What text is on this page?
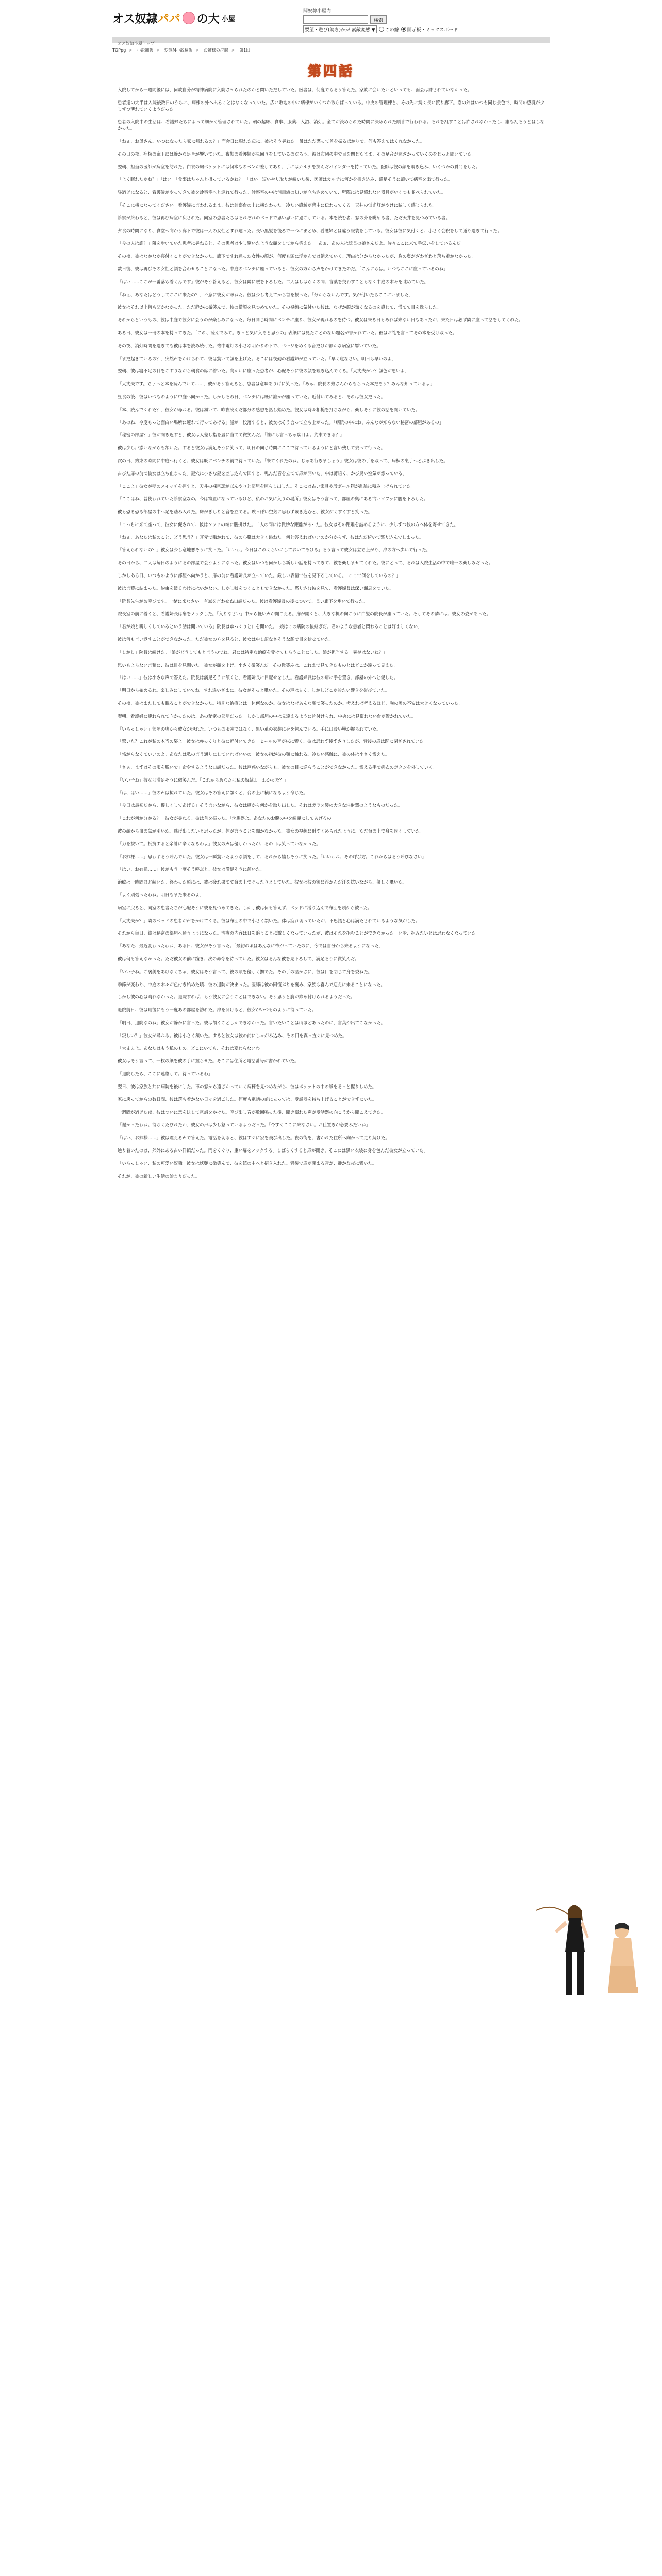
オス奴隷 パパ の大 小屋
聞奴隷小屋内
検索
要望・遊び(続き)かが 素敵変態 ▼	この線 開示板・ミックスボード
オス奴隷小屋トップ
TOPpg > 小説翻訳 > 変態M小説翻訳 > お姉様の浣腸 > 第1回
第四話

入院してから一週間後には、何故自分が精神病院に入院させられたのかと問いただしていた。医者は、何度でもそう答えた。家族に会いたいといっても、面会は許されていなかった。

患者達の大半は入院後数日のうちに、病棟の外へ出ることはなくなっていた。広い敷地の中に病棟がいくつか散らばっている。中央の管理棟と、その先に続く長い渡り廊下。窓の外はいつも同じ景色で、時間の感覚が少しずつ薄れていくようだった。

患者の入院中の生活は、看護婦たちによって細かく管理されていた。朝の起床、食事、服薬、入浴、消灯。全てが決められた時間に決められた順番で行われる。それを乱すことは許されなかったし、誰も乱そうとはしなかった。

「ねぇ、お母さん。いつになったら家に帰れるの？」面会日に現れた母に、彼はそう尋ねた。母はただ黙って首を振るばかりで、何も答えてはくれなかった。

その日の夜、病棟の廊下には静かな足音が響いていた。夜勤の看護婦が見回りをしているのだろう。彼は布団の中で目を閉じたまま、その足音が遠ざかっていくのをじっと聞いていた。

翌朝、担当の医師が病室を訪れた。白衣の胸ポケットには何本ものペンが差してあり、手にはカルテを挟んだバインダーを持っていた。医師は彼の顔を覗き込み、いくつかの質問をした。

「よく眠れたかね？」「はい」「食事はちゃんと摂っているかね？」「はい」短いやり取りが続いた後、医師はカルテに何かを書き込み、満足そうに頷いて病室を出て行った。

昼過ぎになると、看護婦がやってきて彼を診察室へと連れて行った。診察室の中は消毒液の匂いが立ち込めていて、壁際には見慣れない器具がいくつも並べられていた。

「そこに横になってください」看護婦に言われるまま、彼は診察台の上に横たわった。冷たい感触が背中に伝わってくる。天井の蛍光灯がやけに眩しく感じられた。

診察が終わると、彼は再び病室に戻された。同室の患者たちはそれぞれのベッドで思い思いに過ごしている。本を読む者、窓の外を眺める者、ただ天井を見つめている者。

夕食の時間になり、食堂へ向かう廊下で彼は一人の女性とすれ違った。長い黒髪を後ろで一つにまとめ、看護婦とは違う服装をしている。彼女は彼に気付くと、小さく会釈をして通り過ぎて行った。

「今の人は誰？」隣を歩いていた患者に尋ねると、その患者は少し驚いたような顔をしてから答えた。「あぁ、あの人は院長の娘さんだよ。時々ここに来て手伝いをしているんだ」

その夜、彼はなかなか寝付くことができなかった。廊下ですれ違った女性の顔が、何度も頭に浮かんでは消えていく。理由は分からなかったが、胸の奥がざわざわと落ち着かなかった。

数日後、彼は再びその女性と顔を合わせることになった。中庭のベンチに座っていると、彼女の方から声をかけてきたのだ。「こんにちは。いつもここに座っているのね」

「はい……ここが一番落ち着くんです」彼がそう答えると、彼女は隣に腰を下ろした。二人はしばらくの間、言葉を交わすこともなく中庭の木々を眺めていた。

「ねぇ、あなたはどうしてここに来たの？」不意に彼女が尋ねた。彼は少し考えてから首を振った。「分からないんです。気が付いたらここにいました」

彼女はそれ以上何も聞かなかった。ただ静かに微笑んで、彼の横顔を見つめていた。その視線に気付いた彼は、なぜか顔が熱くなるのを感じて、慌てて目を逸らした。

それからというもの、彼は中庭で彼女に会うのが楽しみになった。毎日同じ時間にベンチに座り、彼女が現れるのを待つ。彼女は来る日もあれば来ない日もあったが、来た日は必ず隣に座って話をしてくれた。

ある日、彼女は一冊の本を持ってきた。「これ、読んでみて。きっと気に入ると思うの」表紙には見たことのない題名が書かれていた。彼はお礼を言ってその本を受け取った。

その夜、消灯時間を過ぎても彼は本を読み続けた。懐中電灯の小さな明かりの下で、ページをめくる音だけが静かな病室に響いていた。

「まだ起きているの？」突然声をかけられて、彼は驚いて顔を上げた。そこには夜勤の看護婦が立っていた。「早く寝なさい。明日も早いのよ」

翌朝、彼は寝不足の目をこすりながら朝食の席に着いた。向かいに座った患者が、心配そうに彼の顔を覗き込んでくる。「大丈夫かい？顔色が悪いよ」

「大丈夫です。ちょっと本を読んでいて……」彼がそう答えると、患者は意味ありげに笑った。「あぁ、院長の娘さんからもらった本だろう？みんな知っているよ」

昼食の後、彼はいつものように中庭へ向かった。しかしその日、ベンチには既に誰かが座っていた。近付いてみると、それは彼女だった。

「本、読んでくれた？」彼女が尋ねる。彼は頷いて、昨夜読んだ部分の感想を話し始めた。彼女は時々相槌を打ちながら、楽しそうに彼の話を聞いていた。

「あのね、今度もっと面白い場所に連れて行ってあげる」話が一段落すると、彼女はそう言って立ち上がった。「病院の中にね、みんなが知らない秘密の部屋があるの」

「秘密の部屋？」彼が聞き返すと、彼女は人差し指を唇に当てて微笑んだ。「誰にも言っちゃ駄目よ。約束できる？」

彼は少し戸惑いながらも頷いた。すると彼女は満足そうに笑って、明日の同じ時間にここで待っているようにと言い残して去って行った。

次の日、約束の時間に中庭へ行くと、彼女は既にベンチの前で待っていた。「来てくれたのね。じゃあ行きましょう」彼女は彼の手を取って、病棟の裏手へと歩き出した。

古びた扉の前で彼女は立ち止まった。鍵穴に小さな鍵を差し込んで回すと、軋んだ音を立てて扉が開いた。中は薄暗く、かび臭い空気が漂っている。

「ここよ」彼女が壁のスイッチを押すと、天井の裸電球がぼんやりと部屋を照らし出した。そこには古い家具や段ボール箱が乱雑に積み上げられていた。

「ここはね、昔使われていた診察室なの。今は物置になっているけど、私のお気に入りの場所」彼女はそう言って、部屋の奥にある古いソファに腰を下ろした。

彼も恐る恐る部屋の中へ足を踏み入れた。床がぎしりと音を立てる。埃っぽい空気に思わず咳き込むと、彼女がくすくすと笑った。

「こっちに来て座って」彼女に促されて、彼はソファの端に腰掛けた。二人の間には微妙な距離があった。彼女はその距離を詰めるように、少しずつ彼の方へ体を寄せてきた。

「ねぇ、あなたは私のこと、どう思う？」耳元で囁かれて、彼の心臓は大きく跳ねた。何と答えればいいのか分からず、彼はただ俯いて黙り込んでしまった。

「答えられないの？」彼女は少し意地悪そうに笑った。「いいわ。今日はこれくらいにしておいてあげる」そう言って彼女は立ち上がり、扉の方へ歩いて行った。

その日から、二人は毎日のようにその部屋で会うようになった。彼女はいつも何かしら新しい話を持ってきて、彼を楽しませてくれた。彼にとって、それは入院生活の中で唯一の楽しみだった。

しかしある日、いつものように部屋へ向かうと、扉の前に看護婦長が立っていた。厳しい表情で彼を見下ろしている。「ここで何をしているの？」

彼は言葉に詰まった。約束を破るわけにはいかない。しかし嘘をつくこともできなかった。黙り込む彼を見て、看護婦長は深い溜息をついた。

「院長先生がお呼びです。一緒に来なさい」有無を言わせぬ口調だった。彼は看護婦長の後について、長い廊下を歩いて行った。

院長室の前に着くと、看護婦長は扉をノックした。「入りなさい」中から低い声が聞こえる。扉が開くと、大きな机の向こうに白髪の院長が座っていた。そしてその隣には、彼女の姿があった。

「君が娘と親しくしているという話は聞いている」院長はゆっくりと口を開いた。「娘はこの病院の後継ぎだ。君のような患者と関わることは好ましくない」

彼は何も言い返すことができなかった。ただ彼女の方を見ると、彼女は申し訳なさそうな顔で目を伏せていた。

「しかし」院長は続けた。「娘がどうしてもと言うのでね。君には特別な治療を受けてもらうことにした。娘が担当する。異存はないね？」

思いもよらない言葉に、彼は目を見開いた。彼女が顔を上げ、小さく微笑んだ。その微笑みは、これまで見てきたものとはどこか違って見えた。

「はい……」彼は小さな声で答えた。院長は満足そうに頷くと、看護婦長に目配せをした。看護婦長は彼の肩に手を置き、部屋の外へと促した。

「明日から始めるわ。楽しみにしていてね」すれ違いざまに、彼女がそっと囁いた。その声は甘く、しかしどこか冷たい響きを帯びていた。

その夜、彼はまたしても眠ることができなかった。特別な治療とは一体何なのか。彼女はなぜあんな顔で笑ったのか。考えれば考えるほど、胸の奥の不安は大きくなっていった。

翌朝、看護婦に連れられて向かったのは、あの秘密の部屋だった。しかし部屋の中は見違えるように片付けられ、中央には見慣れない台が置かれていた。

「いらっしゃい」部屋の奥から彼女が現れた。いつもの服装ではなく、黒い革の衣装に身を包んでいる。手には長い鞭が握られていた。

「驚いた？これが私の本当の姿よ」彼女はゆっくりと彼に近付いてきた。ヒールの音が床に響く。彼は思わず後ずさりしたが、背後の扉は既に閉ざされていた。

「怖がらなくていいのよ。あなたは私の言う通りにしていればいいの」彼女の指が彼の顎に触れる。冷たい感触に、彼の体は小さく震えた。

「さぁ、まずはその服を脱いで」命令するような口調だった。彼は戸惑いながらも、彼女の目に逆らうことができなかった。震える手で病衣のボタンを外していく。

「いい子ね」彼女は満足そうに微笑んだ。「これからあなたは私の奴隷よ。わかった？」

「は、はい……」彼の声は掠れていた。彼女はその答えに頷くと、台の上に横になるよう命じた。

「今日は最初だから、優しくしてあげる」そう言いながら、彼女は棚から何かを取り出した。それはガラス製の大きな注射器のようなものだった。

「これが何か分かる？」彼女が尋ねる。彼は首を振った。「浣腸器よ。あなたのお腹の中を綺麗にしてあげるの」

彼の顔から血の気が引いた。逃げ出したいと思ったが、体が言うことを聞かなかった。彼女の視線に射すくめられたように、ただ台の上で身を固くしていた。

「力を抜いて。抵抗すると余計に辛くなるわよ」彼女の声は優しかったが、その目は笑っていなかった。

「お姉様……」思わずそう呼んでいた。彼女は一瞬驚いたような顔をして、それから嬉しそうに笑った。「いいわね、その呼び方。これからはそう呼びなさい」

「はい、お姉様……」彼がもう一度そう呼ぶと、彼女は満足そうに頷いた。

治療は一時間ほど続いた。終わった頃には、彼は疲れ果てて台の上でぐったりとしていた。彼女は彼の額に浮かんだ汗を拭いながら、優しく囁いた。

「よく頑張ったわね。明日もまた来るのよ」

病室に戻ると、同室の患者たちが心配そうに彼を見つめてきた。しかし彼は何も答えず、ベッドに潜り込んで布団を頭から被った。

「大丈夫か？」隣のベッドの患者が声をかけてくる。彼は布団の中で小さく頷いた。体は疲れ切っていたが、不思議と心は満たされているような気がした。

それから毎日、彼は秘密の部屋へ通うようになった。治療の内容は日を追うごとに激しくなっていったが、彼はそれを拒むことができなかった。いや、拒みたいとは思わなくなっていた。

「あなた、最近変わったわね」ある日、彼女がそう言った。「最初の頃はあんなに怖がっていたのに、今では自分から来るようになった」

彼は何も答えなかった。ただ彼女の前に跪き、次の命令を待っていた。彼女はそんな彼を見下ろして、満足そうに微笑んだ。

「いい子ね。ご褒美をあげなくちゃ」彼女はそう言って、彼の頭を優しく撫でた。その手の温かさに、彼は目を閉じて身を委ねた。

季節が変わり、中庭の木々が色付き始めた頃、彼の退院が決まった。医師は彼の回復ぶりを褒め、家族も喜んで迎えに来ることになった。

しかし彼の心は晴れなかった。退院すれば、もう彼女に会うことはできない。そう思うと胸が締め付けられるようだった。

退院前日、彼は最後にもう一度あの部屋を訪れた。扉を開けると、彼女がいつものように待っていた。

「明日、退院なのね」彼女が静かに言った。彼は頷くことしかできなかった。言いたいことは山ほどあったのに、言葉が出てこなかった。

「寂しい？」彼女が尋ねる。彼は小さく頷いた。すると彼女は彼の前にしゃがみ込み、その目を真っ直ぐに見つめた。

「大丈夫よ。あなたはもう私のもの。どこにいても、それは変わらないわ」

彼女はそう言って、一枚の紙を彼の手に握らせた。そこには住所と電話番号が書かれていた。

「退院したら、ここに連絡して。待っているわ」

翌日、彼は家族と共に病院を後にした。車の窓から遠ざかっていく病棟を見つめながら、彼はポケットの中の紙をそっと握りしめた。

家に戻ってからの数日間、彼は落ち着かない日々を過ごした。何度も電話の前に立っては、受話器を持ち上げることができずにいた。

一週間が過ぎた夜、彼はついに意を決して電話をかけた。呼び出し音が数回鳴った後、聞き慣れた声が受話器の向こうから聞こえてきた。

「遅かったわね。待ちくたびれたわ」彼女の声は少し怒っているようだった。「今すぐここに来なさい。お仕置きが必要みたいね」

「はい、お姉様……」彼は震える声で答えた。電話を切ると、彼はすぐに家を飛び出した。夜の街を、書かれた住所へ向かって走り続けた。

辿り着いたのは、郊外にある古い洋館だった。門をくぐり、重い扉をノックする。しばらくすると扉が開き、そこには黒い衣装に身を包んだ彼女が立っていた。

「いらっしゃい、私の可愛い奴隷」彼女は妖艶に微笑んで、彼を館の中へと招き入れた。背後で扉が閉まる音が、静かな夜に響いた。

それが、彼の新しい生活の始まりだった。
